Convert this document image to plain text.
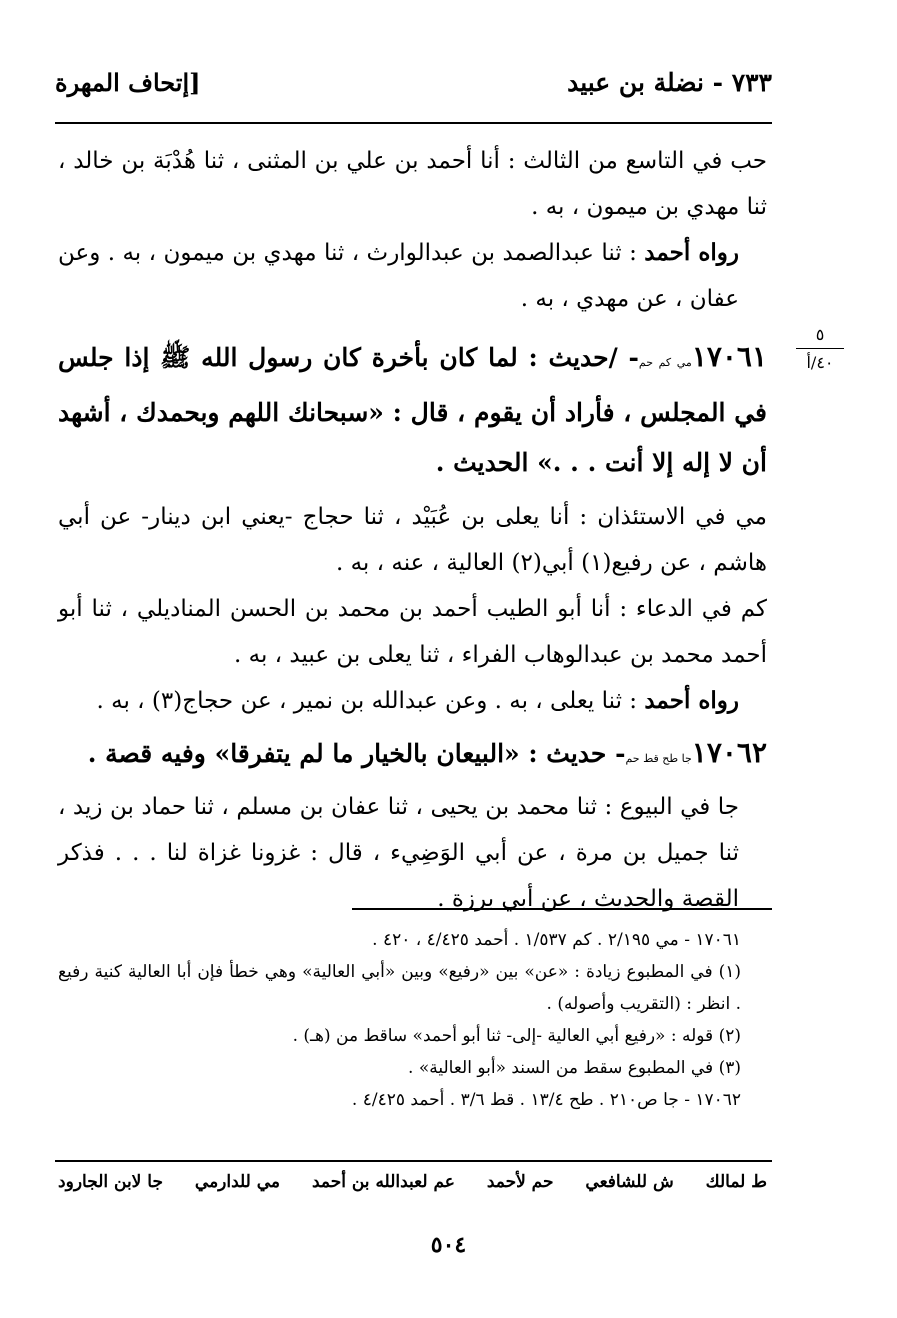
٧٣٣ - نضلة بن عبيد
[إتحاف المهرة
٥
٤٠/أ

حب في التاسع من الثالث : أنا أحمد بن علي بن المثنى ، ثنا هُدْبَة بن خالد ، ثنا مهدي بن ميمون ، به .

رواه أحمد : ثنا عبدالصمد بن عبدالوارث ، ثنا مهدي بن ميمون ، به . وعن عفان ، عن مهدي ، به .

١٧٠٦١مي كم حم- /حديث : لما كان بأخرة كان رسول الله ﷺ إذا جلس في المجلس ، فأراد أن يقوم ، قال : «سبحانك اللهم وبحمدك ، أشهد أن لا إله إلا أنت . . .» الحديث .

مي في الاستئذان : أنا يعلى بن عُبَيْد ، ثنا حجاج -يعني ابن دينار- عن أبي هاشم ، عن رفيع(١) أبي(٢) العالية ، عنه ، به .

كم في الدعاء : أنا أبو الطيب أحمد بن محمد بن الحسن المناديلي ، ثنا أبو أحمد محمد بن عبدالوهاب الفراء ، ثنا يعلى بن عبيد ، به .

رواه أحمد : ثنا يعلى ، به . وعن عبدالله بن نمير ، عن حجاج(٣) ، به .

١٧٠٦٢جا طح قط حم- حديث : «البيعان بالخيار ما لم يتفرقا» وفيه قصة .

جا في البيوع : ثنا محمد بن يحيى ، ثنا عفان بن مسلم ، ثنا حماد بن زيد ، ثنا جميل بن مرة ، عن أبي الوَضِيء ، قال : غزونا غزاة لنا . . . فذكر القصة والحديث ، عن أبي برزة .

١٧٠٦١ - مي ٢/١٩٥ . كم ١/٥٣٧ . أحمد ٤/٤٢٥ ، ٤٢٠ .

(١) في المطبوع زيادة : «عن» بين «رفيع» وبين «أبي العالية» وهي خطأ فإن أبا العالية كنية رفيع . انظر : (التقريب وأصوله) .

(٢) قوله : «رفيع أبي العالية -إلى- ثنا أبو أحمد» ساقط من (هـ) .

(٣) في المطبوع سقط من السند «أبو العالية» .

١٧٠٦٢ - جا ص٢١٠ . طح ١٣/٤ . قط ٣/٦ . أحمد ٤/٤٢٥ .

ط لمالك
ش للشافعي
حم لأحمد
عم لعبدالله بن أحمد
مي للدارمي
جا لابن الجارود
٥٠٤
